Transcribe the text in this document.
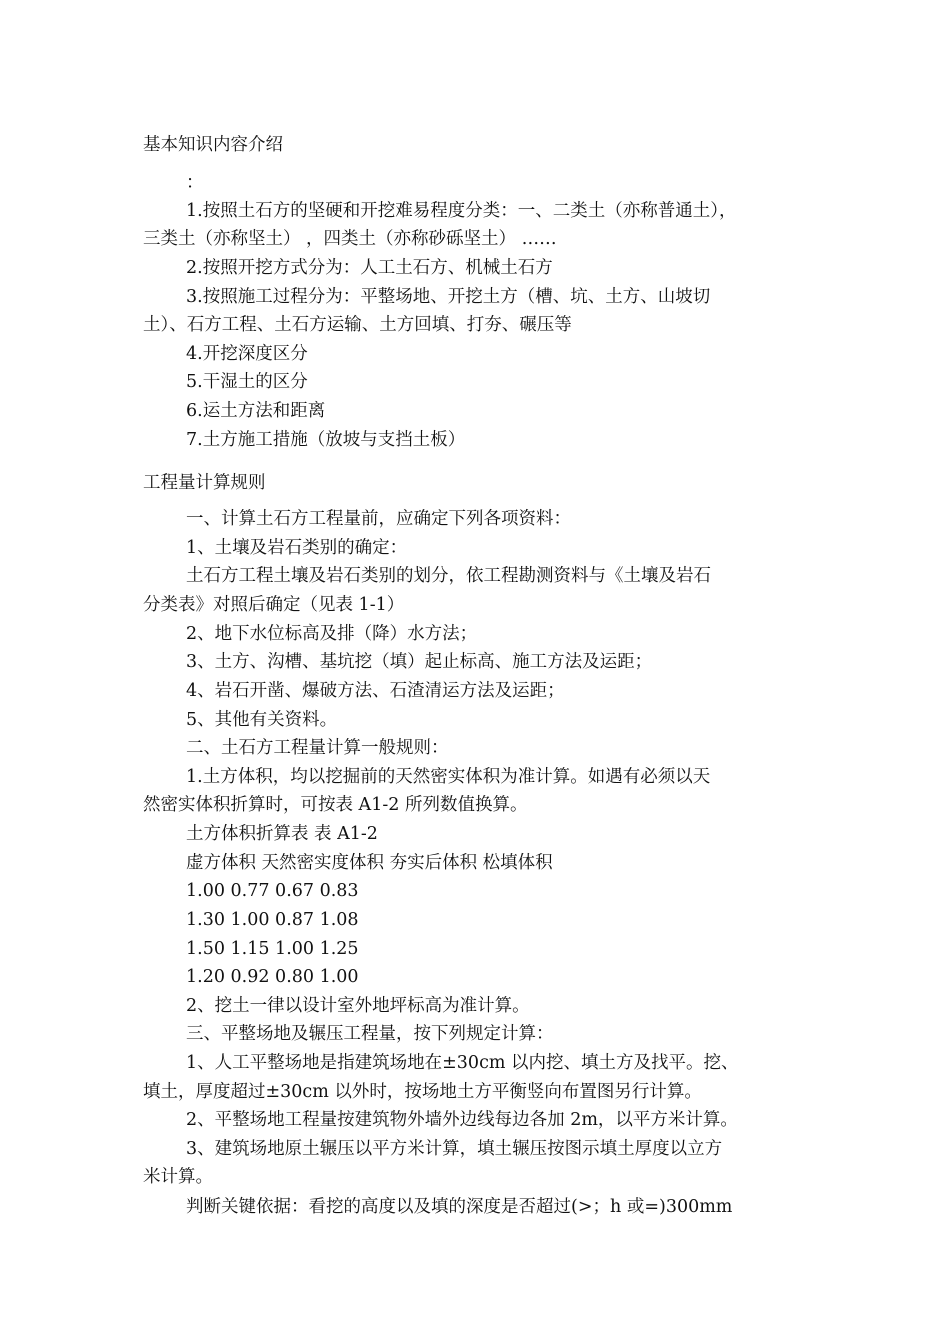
基本知识内容介绍
：
1.按照土石方的坚硬和开挖难易程度分类：一、二类土（亦称普通土），
三类土（亦称坚土） ，四类土（亦称砂砾坚土） ……
2.按照开挖方式分为：人工土石方、机械土石方
3.按照施工过程分为：平整场地、开挖土方（槽、坑、土方、山坡切
土）、石方工程、土石方运输、土方回填、打夯、碾压等
4.开挖深度区分
5.干湿土的区分
6.运土方法和距离
7.土方施工措施（放坡与支挡土板）
工程量计算规则
一、计算土石方工程量前，应确定下列各项资料：
1、土壤及岩石类别的确定：
土石方工程土壤及岩石类别的划分，依工程勘测资料与《土壤及岩石
分类表》对照后确定（见表 1-1）
2、地下水位标高及排（降）水方法；
3、土方、沟槽、基坑挖（填）起止标高、施工方法及运距；
4、岩石开凿、爆破方法、石渣清运方法及运距；
5、其他有关资料。
二、土石方工程量计算一般规则：
1.土方体积，均以挖掘前的天然密实体积为准计算。如遇有必须以天
然密实体积折算时，可按表 A1-2 所列数值换算。
土方体积折算表 表 A1-2
虚方体积 天然密实度体积 夯实后体积 松填体积
1.00 0.77 0.67 0.83
1.30 1.00 0.87 1.08
1.50 1.15 1.00 1.25
1.20 0.92 0.80 1.00
2、挖土一律以设计室外地坪标高为准计算。
三、平整场地及辗压工程量，按下列规定计算：
1、人工平整场地是指建筑场地在±30cm 以内挖、填土方及找平。挖、
填土，厚度超过±30cm 以外时，按场地土方平衡竖向布置图另行计算。
2、平整场地工程量按建筑物外墙外边线每边各加 2m，以平方米计算。
3、建筑场地原土辗压以平方米计算，填土辗压按图示填土厚度以立方
米计算。
判断关键依据：看挖的高度以及填的深度是否超过(>；h 或=)300mm
